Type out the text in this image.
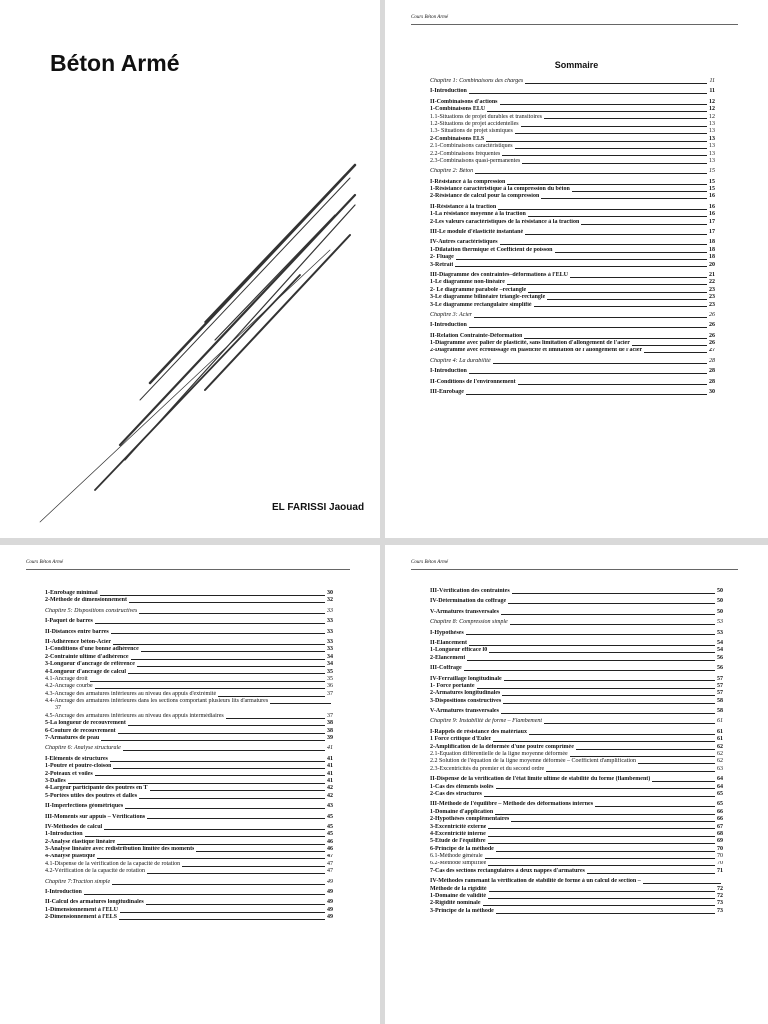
Béton Armé
EL FARISSI Jaouad
Cours Béton Armé
Sommaire
Chapitre 1: Combinaisons des charges	11
I-Introduction	11
II-Combinaisons d'actions	12
1-Combinaisons ELU	12
1.1-Situations de projet durables et transitoires	12
1.2-Situations de projet accidentelles	13
1.3- Situations de projet sismiques	13
2-Combinaisons ELS	13
2.1-Combinaisons caractéristiques	13
2.2-Combinaisons fréquentes	13
2.3-Combinaisons quasi-permanentes	13
Chapitre 2: Béton	15
I-Résistance à la compression	15
1-Résistance caractéristique à la compression du béton	15
2-Résistance de calcul pour la compression	16
II-Résistance à la traction	16
1-La résistance moyenne à la traction	16
2-Les valeurs caractéristiques de la résistance à la traction	17
III-Le module d'élasticité instantané	17
IV-Autres caractéristiques	18
1-Dilatation thermique et Coefficient de poisson	18
2- Fluage	18
3-Retrait	20
III-Diagramme des contraintes–déformations à l'ELU	21
1-Le diagramme non-linéaire	22
2- Le diagramme parabole –rectangle	23
3-Le diagramme bilinéaire triangle-rectangle	23
3-Le diagramme rectangulaire simplifié	23
Chapitre 3: Acier	26
I-Introduction	26
II-Relation Contrainte-Déformation	26
1-Diagramme avec palier de plasticité, sans limitation d'allongement de l'acier	26
2-Diagramme avec écrouissage en plasticité et limitation de l'allongement de l'acier	27
Chapitre 4: La durabilité	28
I-Introduction	28
II-Conditions de l'environnement	28
III-Enrobage	30
Cours Béton Armé
1-Enrobage minimal	30
2-Méthode de dimensionnement	32
Chapitre 5: Dispositions constructives	33
I-Paquet de barres	33
II-Distances entre barres	33
II-Adhérence béton-Acier	33
1-Conditions d'une bonne adhérence	33
2-Contrainte ultime d'adhérence	34
3-Longueur d'ancrage de référence	34
4-Longueur d'ancrage de calcul	35
4.1-Ancrage droit	35
4.2-Ancrage courbe	36
4.3-Ancrage des armatures inférieures au niveau des appuis d'extrémité	37
4.4-Ancrage des armatures inférieures dans les sections comportant plusieurs lits d'armatures
37
4.5-Ancrage des armatures inférieures au niveau des appuis intermédiaires	37
5-La longueur de recouvrement	38
6-Couture de recouvrement	38
7-Armatures de peau	39
Chapitre 6: Analyse structurale	41
I-Eléments de structures	41
1-Poutre et poutre-cloison	41
2-Poteaux et voiles	41
3-Dalles	41
4-Largeur participante des poutres en T	42
5-Portées utiles des poutres et dalles	42
II-Imperfections géométriques	43
III-Moments sur appuis – Vérifications	45
IV-Méthodes de calcul	45
1-Introduction	45
2-Analyse élastique linéaire	46
3-Analyse linéaire avec redistribution limitée des moments	46
4-Analyse plastique	47
4.1-Dispense de la vérification de la capacité de rotation	47
4.2-Vérification de la capacité de rotation	47
Chapitre 7:Traction simple	49
I-Introduction	49
II-Calcul des armatures longitudinales	49
1-Dimensionnement à l'ELU	49
2-Dimensionnement à l'ELS	49
Cours Béton Armé
III-Vérification des contraintes	50
IV-Détermination du coffrage	50
V-Armatures transversales	50
Chapitre 8: Compression simple	53
I-Hypothèses	53
II-Elancement	54
1-Longueur efficace l0	54
2-Elancement	56
III-Coffrage	56
IV-Ferraillage longitudinale	57
1- Force portante	57
2-Armatures longitudinales	57
3-Dispositions constructives	58
V-Armatures transversales	58
Chapitre 9: Instabilité de forme – Flambement	61
I-Rappels de résistance des matériaux	61
1 Force critique d'Euler	61
2-Amplification de la déformée d'une poutre comprimée	62
2.1-Equation différentielle de la ligne moyenne déformée	62
2.2 Solution de l'équation de la ligne moyenne déformée – Coefficient d'amplification	62
2.3-Excentricités du premier et du second ordre	63
II-Dispense de la vérification de l'état limite ultime de stabilité du forme (flambement)	64
1-Cas des éléments isolés	64
2-Cas des structures	65
III-Méthode de l'équilibre – Méthode des déformations internes	65
1-Domaine d'application	66
2-Hypothèses complémentaires	66
3-Excentricité externe	67
4-Excentricité interne	68
5-Étude de l'équilibre	69
6-Principe de la méthode	70
6.1-Méthode générale	70
6.2-Méthode simplifiée	70
7-Cas des sections rectangulaires à deux nappes d'armatures	71
IV-Méthodes ramenant la vérification de stabilité de forme à un calcul de section –
Méthode de la rigidité	72
1-Domaine de validité	72
2-Rigidité nominale	73
3-Principe de la méthode	73
